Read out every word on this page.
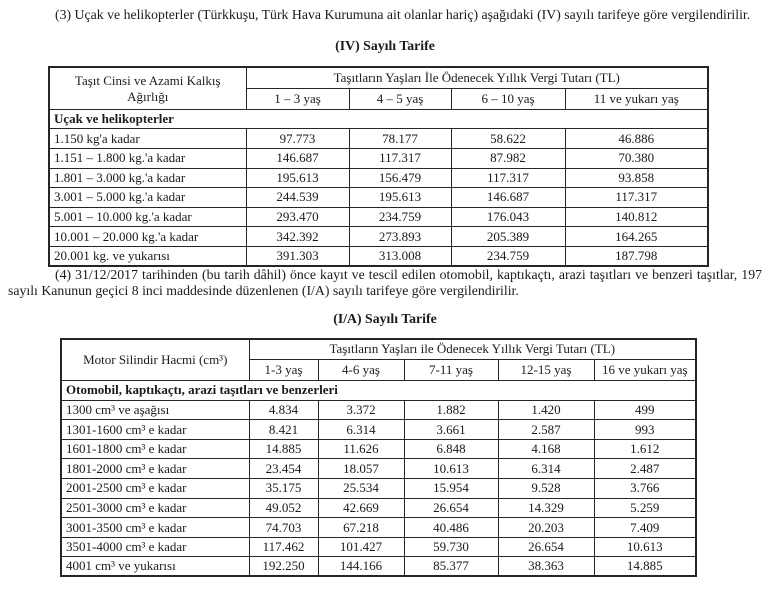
(3) Uçak ve helikopterler (Türkkuşu, Türk Hava Kurumuna ait olanlar hariç) aşağıdaki (IV) sayılı tarifeye göre vergilendirilir.

(IV) Sayılı Tarife

Taşıt Cinsi ve Azami Kalkış
Ağırlığı	Taşıtların Yaşları İle Ödenecek Yıllık Vergi Tutarı (TL)			
	1 – 3 yaş	4 – 5 yaş	6 – 10 yaş	11 ve yukarı yaş
Uçak ve helikopterler				
1.150 kg'a kadar	97.773	78.177	58.622	46.886
1.151 – 1.800 kg.'a kadar	146.687	117.317	87.982	70.380
1.801 – 3.000 kg.'a kadar	195.613	156.479	117.317	93.858
3.001 – 5.000 kg.'a kadar	244.539	195.613	146.687	117.317
5.001 – 10.000 kg.'a kadar	293.470	234.759	176.043	140.812
10.001 – 20.000 kg.'a kadar	342.392	273.893	205.389	164.265
20.001 kg. ve yukarısı	391.303	313.008	234.759	187.798

(4) 31/12/2017 tarihinden (bu tarih dâhil) önce kayıt ve tescil edilen otomobil, kaptıkaçtı, arazi taşıtları ve benzeri taşıtlar, 197 sayılı Kanunun geçici 8 inci maddesinde düzenlenen (I/A) sayılı tarifeye göre vergilendirilir.

(I/A) Sayılı Tarife

Motor Silindir Hacmi (cm³)	Taşıtların Yaşları ile Ödenecek Yıllık Vergi Tutarı (TL)				
	1-3 yaş	4-6 yaş	7-11 yaş	12-15 yaş	16 ve yukarı yaş
Otomobil, kaptıkaçtı, arazi taşıtları ve benzerleri					
1300 cm³ ve aşağısı	4.834	3.372	1.882	1.420	499
1301-1600 cm³ e kadar	8.421	6.314	3.661	2.587	993
1601-1800 cm³ e kadar	14.885	11.626	6.848	4.168	1.612
1801-2000 cm³ e kadar	23.454	18.057	10.613	6.314	2.487
2001-2500 cm³ e kadar	35.175	25.534	15.954	9.528	3.766
2501-3000 cm³ e kadar	49.052	42.669	26.654	14.329	5.259
3001-3500 cm³ e kadar	74.703	67.218	40.486	20.203	7.409
3501-4000 cm³ e kadar	117.462	101.427	59.730	26.654	10.613
4001 cm³ ve yukarısı	192.250	144.166	85.377	38.363	14.885
